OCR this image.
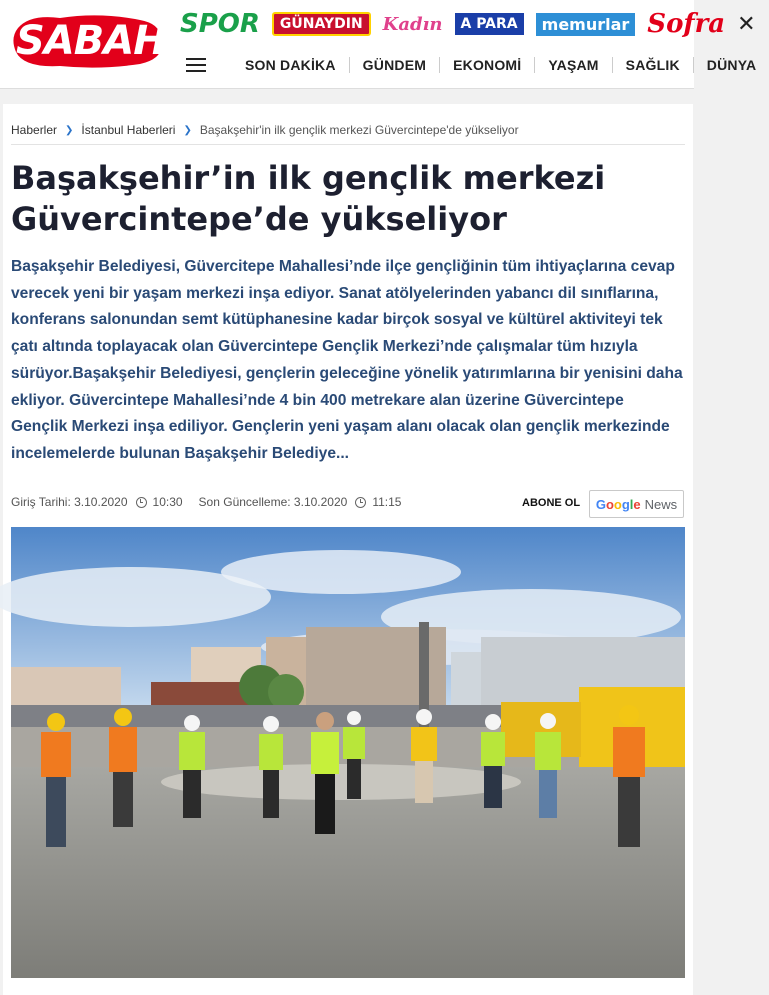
SABAH SPOR	GÜNAYDIN	Kadın	A PARA	memurlar Sofra ✕
SON DAKİKA	GÜNDEM	EKONOMİ	YAŞAM	SAĞLIK	DÜNYA
Haberler ❯ İstanbul Haberleri ❯ Başakşehir'in ilk gençlik merkezi Güvercintepe'de yükseliyor
Başakşehir’in ilk gençlik merkezi Güvercintepe’de yükseliyor

Başakşehir Belediyesi, Güvercitepe Mahallesi’nde ilçe gençliğinin tüm ihtiyaçlarına cevap verecek yeni bir yaşam merkezi inşa ediyor. Sanat atölyelerinden yabancı dil sınıflarına, konferans salonundan semt kütüphanesine kadar birçok sosyal ve kültürel aktiviteyi tek çatı altında toplayacak olan Güvercintepe Gençlik Merkezi’nde çalışmalar tüm hızıyla sürüyor.Başakşehir Belediyesi, gençlerin geleceğine yönelik yatırımlarına bir yenisini daha ekliyor. Güvercintepe Mahallesi’nde 4 bin 400 metrekare alan üzerine Güvercintepe Gençlik Merkezi inşa ediliyor. Gençlerin yeni yaşam alanı olacak olan gençlik merkezinde incelemelerde bulunan Başakşehir Belediye...

Giriş Tarihi: 3.10.2020 10:30 Son Güncelleme: 3.10.2020 11:15	ABONE OL Google News
